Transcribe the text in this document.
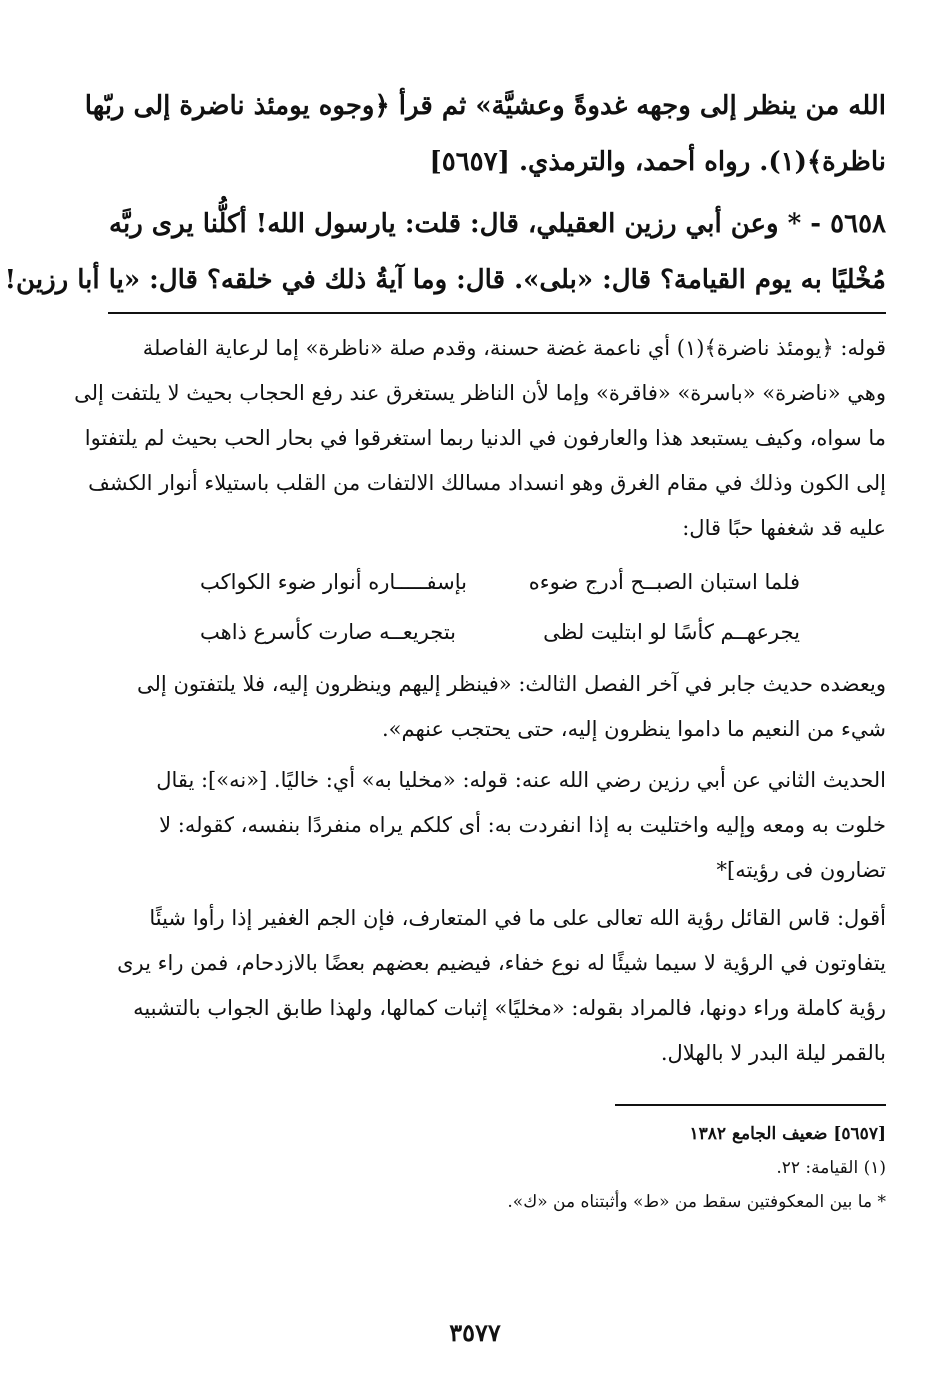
الله من ينظر إلى وجهه غدوةً وعشيَّة» ثم قرأ ﴿وجوه يومئذ ناضرة إلى ربّها
ناظرة﴾(١). رواه أحمد، والترمذي. [٥٦٥٧]
٥٦٥٨ - * وعن أبي رزين العقيلي، قال: قلت: يارسول الله! أكلُّنا يرى ربَّه
مُخْليًا به يوم القيامة؟ قال: «بلى». قال: وما آيةُ ذلك في خلقه؟ قال: «يا أبا رزين!
قوله: ﴿يومئذ ناضرة﴾(١) أي ناعمة غضة حسنة، وقدم صلة «ناظرة» إما لرعاية الفاصلة
وهي «ناضرة» «باسرة» «فاقرة» وإما لأن الناظر يستغرق عند رفع الحجاب بحيث لا يلتفت إلى
ما سواه، وكيف يستبعد هذا والعارفون في الدنيا ربما استغرقوا في بحار الحب بحيث لم يلتفتوا
إلى الكون وذلك في مقام الغرق وهو انسداد مسالك الالتفات من القلب باستيلاء أنوار الكشف
عليه قد شغفها حبًا قال:
فلما استبان الصبــح أدرج ضوءه
بإسفـــــاره أنوار ضوء الكواكب
يجرعهــم كأسًا لو ابتليت لظى
بتجريعــه صارت كأسرع ذاهب
ويعضده حديث جابر في آخر الفصل الثالث: «فينظر إليهم وينظرون إليه، فلا يلتفتون إلى
شيء من النعيم ما داموا ينظرون إليه، حتى يحتجب عنهم».
الحديث الثاني عن أبي رزين رضي الله عنه: قوله: «مخليا به» أي: خاليًا. [«نه»]: يقال
خلوت به ومعه وإليه واختليت به إذا انفردت به: أى كلكم يراه منفردًا بنفسه، كقوله: لا
تضارون فى رؤيته]*
أقول: قاس القائل رؤية الله تعالى على ما في المتعارف، فإن الجم الغفير إذا رأوا شيئًا
يتفاوتون في الرؤية لا سيما شيئًا له نوع خفاء، فيضيم بعضهم بعضًا بالازدحام، فمن راء يرى
رؤية كاملة وراء دونها، فالمراد بقوله: «مخليًا» إثبات كمالها، ولهذا طابق الجواب بالتشبيه
بالقمر ليلة البدر لا بالهلال.
[٥٦٥٧] ضعيف الجامع ١٣٨٢
(١) القيامة: ٢٢.
* ما بين المعكوفتين سقط من «ط» وأثبتناه من «ك».
٣٥٧٧
